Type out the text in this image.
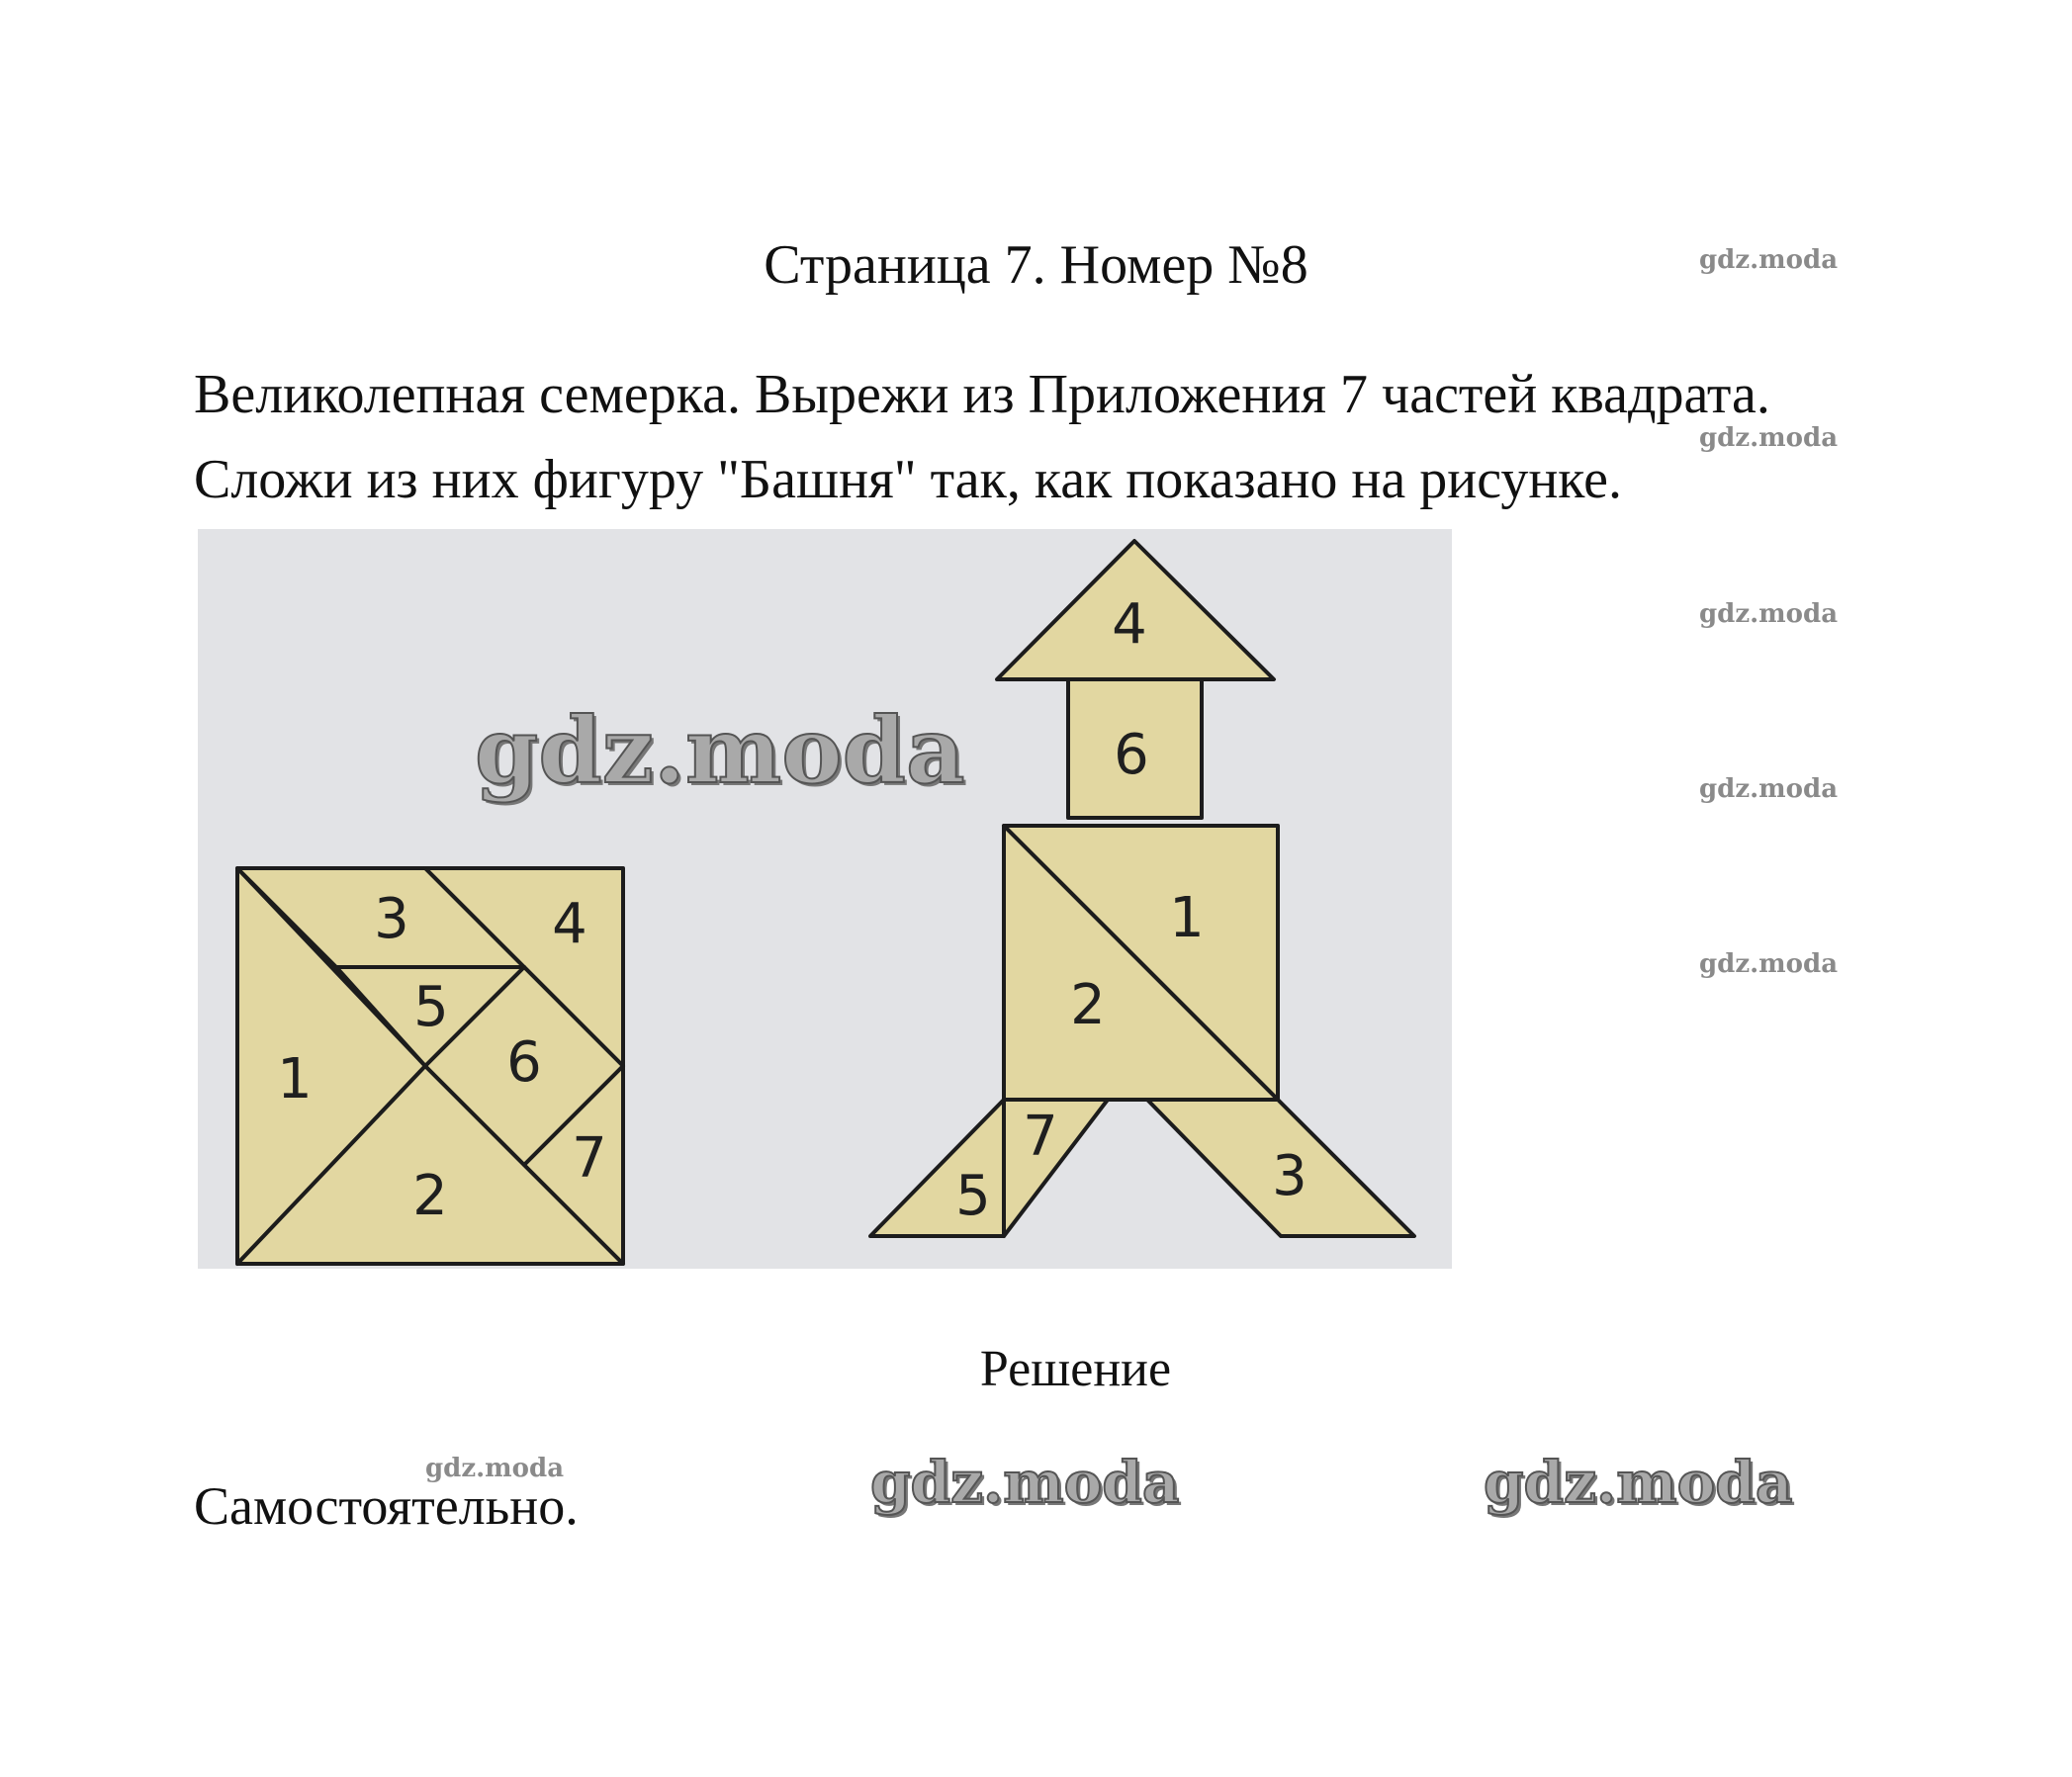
Страница 7. Номер №8	gdz.moda
Великолепная семерка. Вырежи из Приложения 7 частей квадрата.
gdz.moda
Сложи из них фигуру "Башня" так, как показано на рисунке.
1
2
3	4
5
6
7
4
6
1
2
5
7
3
gdz.moda
gdz.moda
gdz.moda
gdz.moda
Решение
gdz.moda
Самостоятельно.	gdz.moda	gdz.moda
